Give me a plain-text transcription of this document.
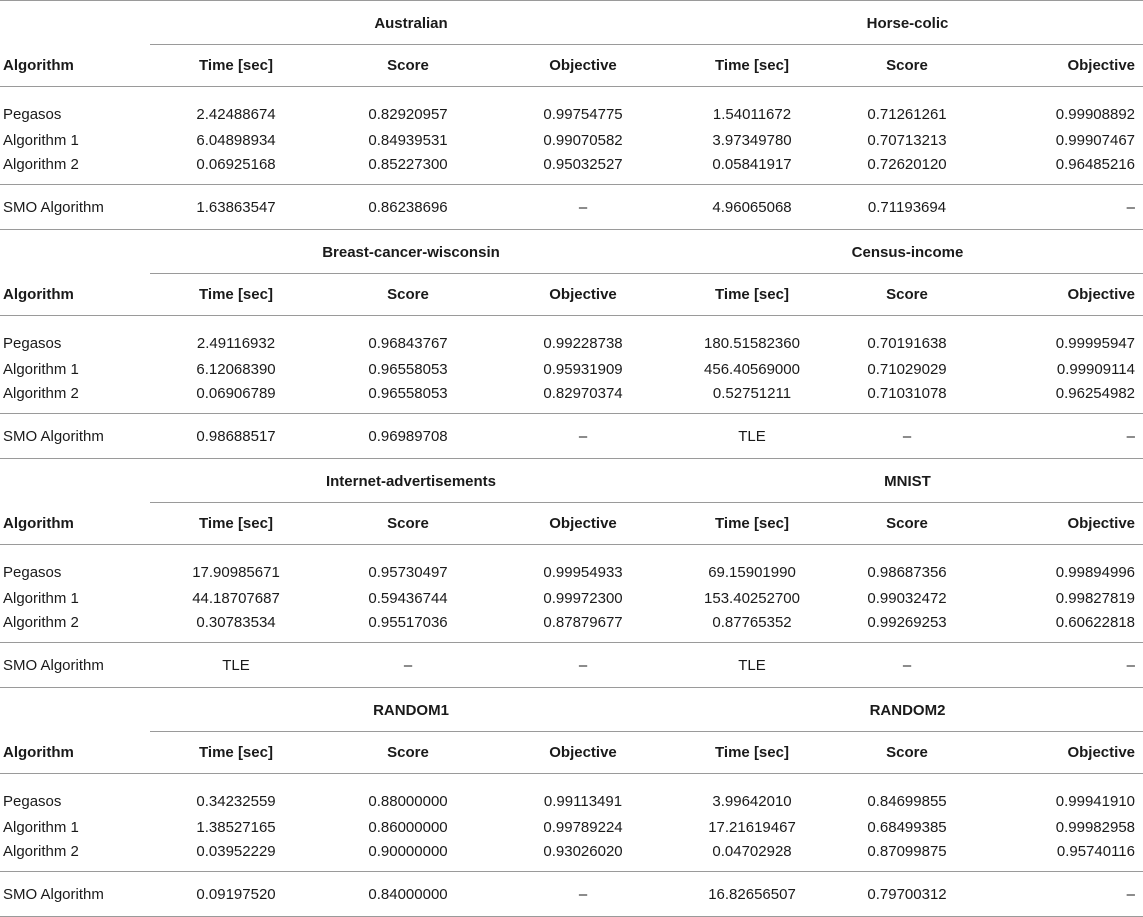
	Australian			Horse-colic		
Algorithm	Time [sec]	Score	Objective	Time [sec]	Score	Objective
Pegasos	2.42488674	0.82920957	0.99754775	1.54011672	0.71261261	0.99908892
Algorithm 1	6.04898934	0.84939531	0.99070582	3.97349780	0.70713213	0.99907467
Algorithm 2	0.06925168	0.85227300	0.95032527	0.05841917	0.72620120	0.96485216
SMO Algorithm	1.63863547	0.86238696	–	4.96065068	0.71193694	–
	Breast-cancer-wisconsin			Census-income		
Algorithm	Time [sec]	Score	Objective	Time [sec]	Score	Objective
Pegasos	2.49116932	0.96843767	0.99228738	180.51582360	0.70191638	0.99995947
Algorithm 1	6.12068390	0.96558053	0.95931909	456.40569000	0.71029029	0.99909114
Algorithm 2	0.06906789	0.96558053	0.82970374	0.52751211	0.71031078	0.96254982
SMO Algorithm	0.98688517	0.96989708	–	TLE	–	–
	Internet-advertisements			MNIST		
Algorithm	Time [sec]	Score	Objective	Time [sec]	Score	Objective
Pegasos	17.90985671	0.95730497	0.99954933	69.15901990	0.98687356	0.99894996
Algorithm 1	44.18707687	0.59436744	0.99972300	153.40252700	0.99032472	0.99827819
Algorithm 2	0.30783534	0.95517036	0.87879677	0.87765352	0.99269253	0.60622818
SMO Algorithm	TLE	–	–	TLE	–	–
	RANDOM1			RANDOM2		
Algorithm	Time [sec]	Score	Objective	Time [sec]	Score	Objective
Pegasos	0.34232559	0.88000000	0.99113491	3.99642010	0.84699855	0.99941910
Algorithm 1	1.38527165	0.86000000	0.99789224	17.21619467	0.68499385	0.99982958
Algorithm 2	0.03952229	0.90000000	0.93026020	0.04702928	0.87099875	0.95740116
SMO Algorithm	0.09197520	0.84000000	–	16.82656507	0.79700312	–
